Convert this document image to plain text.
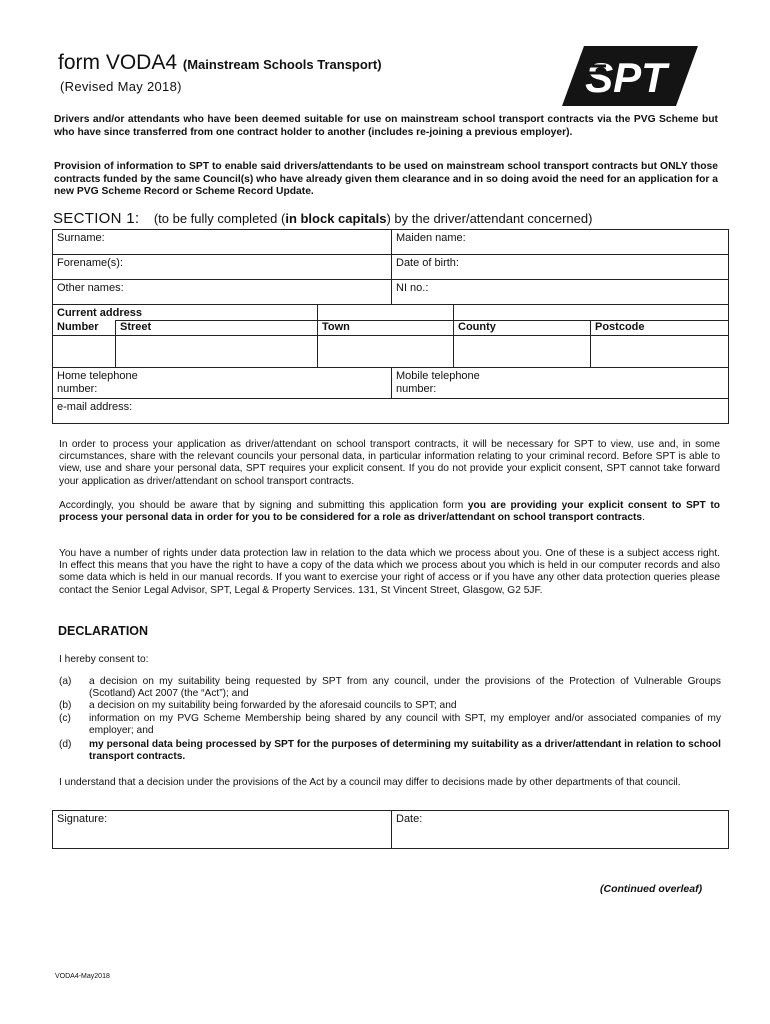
form VODA4 (Mainstream Schools Transport)
(Revised May 2018)	SPT
Drivers and/or attendants who have been deemed suitable for use on mainstream school transport contracts via the PVG Scheme but who have since transferred from one contract holder to another (includes re-joining a previous employer).
Provision of information to SPT to enable said drivers/attendants to be used on mainstream school transport contracts but ONLY those contracts funded by the same Council(s) who have already given them clearance and in so doing avoid the need for an application for a new PVG Scheme Record or Scheme Record Update.
SECTION 1: (to be fully completed (in block capitals) by the driver/attendant concerned)
Surname:	Maiden name:
Forename(s):	Date of birth:
Other names:	NI no.:
Current address				

Number	Street	Town	County	Postcode

Home telephone
number:

Mobile telephone
number:

e-mail address:
In order to process your application as driver/attendant on school transport contracts, it will be necessary for SPT to view, use and, in some circumstances, share with the relevant councils your personal data, in particular information relating to your criminal record. Before SPT is able to view, use and share your personal data, SPT requires your explicit consent. If you do not provide your explicit consent, SPT cannot take forward your application as driver/attendant on school transport contracts.
Accordingly, you should be aware that by signing and submitting this application form you are providing your explicit consent to SPT to process your personal data in order for you to be considered for a role as driver/attendant on school transport contracts.
You have a number of rights under data protection law in relation to the data which we process about you. One of these is a subject access right. In effect this means that you have the right to have a copy of the data which we process about you which is held in our computer records and also some data which is held in our manual records. If you want to exercise your right of access or if you have any other data protection queries please contact the Senior Legal Advisor, SPT, Legal & Property Services. 131, St Vincent Street, Glasgow, G2 5JF.
DECLARATION
I hereby consent to:
(a)	a decision on my suitability being requested by SPT from any council, under the provisions of the Protection of Vulnerable Groups (Scotland) Act 2007 (the “Act”); and
(b)	a decision on my suitability being forwarded by the aforesaid councils to SPT; and
(c)	information on my PVG Scheme Membership being shared by any council with SPT, my employer and/or associated companies of my employer; and
(d)	my personal data being processed by SPT for the purposes of determining my suitability as a driver/attendant in relation to school transport contracts.
I understand that a decision under the provisions of the Act by a council may differ to decisions made by other departments of that council.
Signature:	Date:
(Continued overleaf)
VODA4-May2018
